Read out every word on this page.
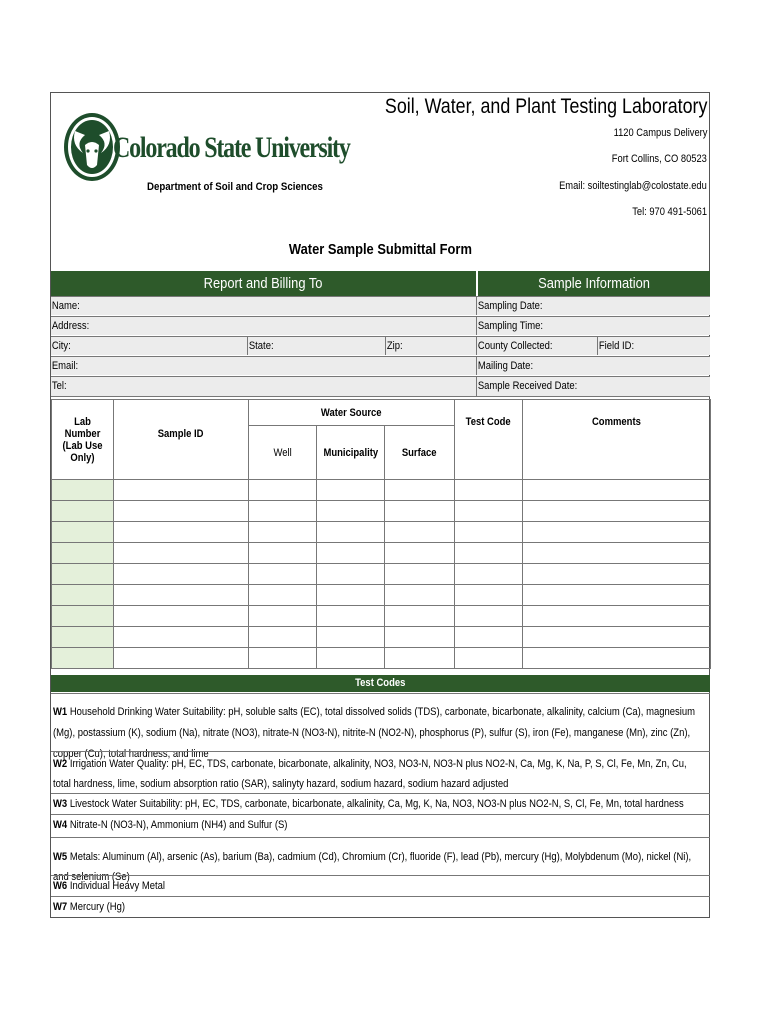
Colorado State University
Department of Soil and Crop Sciences
Soil, Water, and Plant Testing Laboratory
1120 Campus Delivery
Fort Collins, CO 80523
Email: soiltestinglab@colostate.edu
Tel: 970 491-5061
Water Sample Submittal Form
Report and Billing To	Sample Information
Name:
Address:
City:	State:	Zip:
Email:
Tel:
Sampling Date:
Sampling Time:
County Collected:	Field ID:
Mailing Date:
Sample Received Date:
Lab Number
(Lab Use Only)	Sample ID	Water Source			Test Code	Comments
		Well	Municipality	Surface		

Test Codes
W1 Household Drinking Water Suitability: pH, soluble salts (EC), total dissolved solids (TDS), carbonate, bicarbonate, alkalinity, calcium (Ca), magnesium (Mg), postassium (K), sodium (Na), nitrate (NO3), nitrate-N (NO3-N), nitrite-N (NO2-N), phosphorus (P), sulfur (S), iron (Fe), manganese (Mn), zinc (Zn), copper (Cu), total hardness, and lime
W2 Irrigation Water Quality: pH, EC, TDS, carbonate, bicarbonate, alkalinity, NO3, NO3-N, NO3-N plus NO2-N, Ca, Mg, K, Na, P, S, Cl, Fe, Mn, Zn, Cu, total hardness, lime, sodium absorption ratio (SAR), salinyty hazard, sodium hazard, sodium hazard adjusted
W3 Livestock Water Suitability: pH, EC, TDS, carbonate, bicarbonate, alkalinity, Ca, Mg, K, Na, NO3, NO3-N plus NO2-N, S, Cl, Fe, Mn, total hardness
W4 Nitrate-N (NO3-N), Ammonium (NH4) and Sulfur (S)
W5 Metals: Aluminum (Al), arsenic (As), barium (Ba), cadmium (Cd), Chromium (Cr), fluoride (F), lead (Pb), mercury (Hg), Molybdenum (Mo), nickel (Ni), and selenium (Se)
W6 Individual Heavy Metal
W7 Mercury (Hg)
